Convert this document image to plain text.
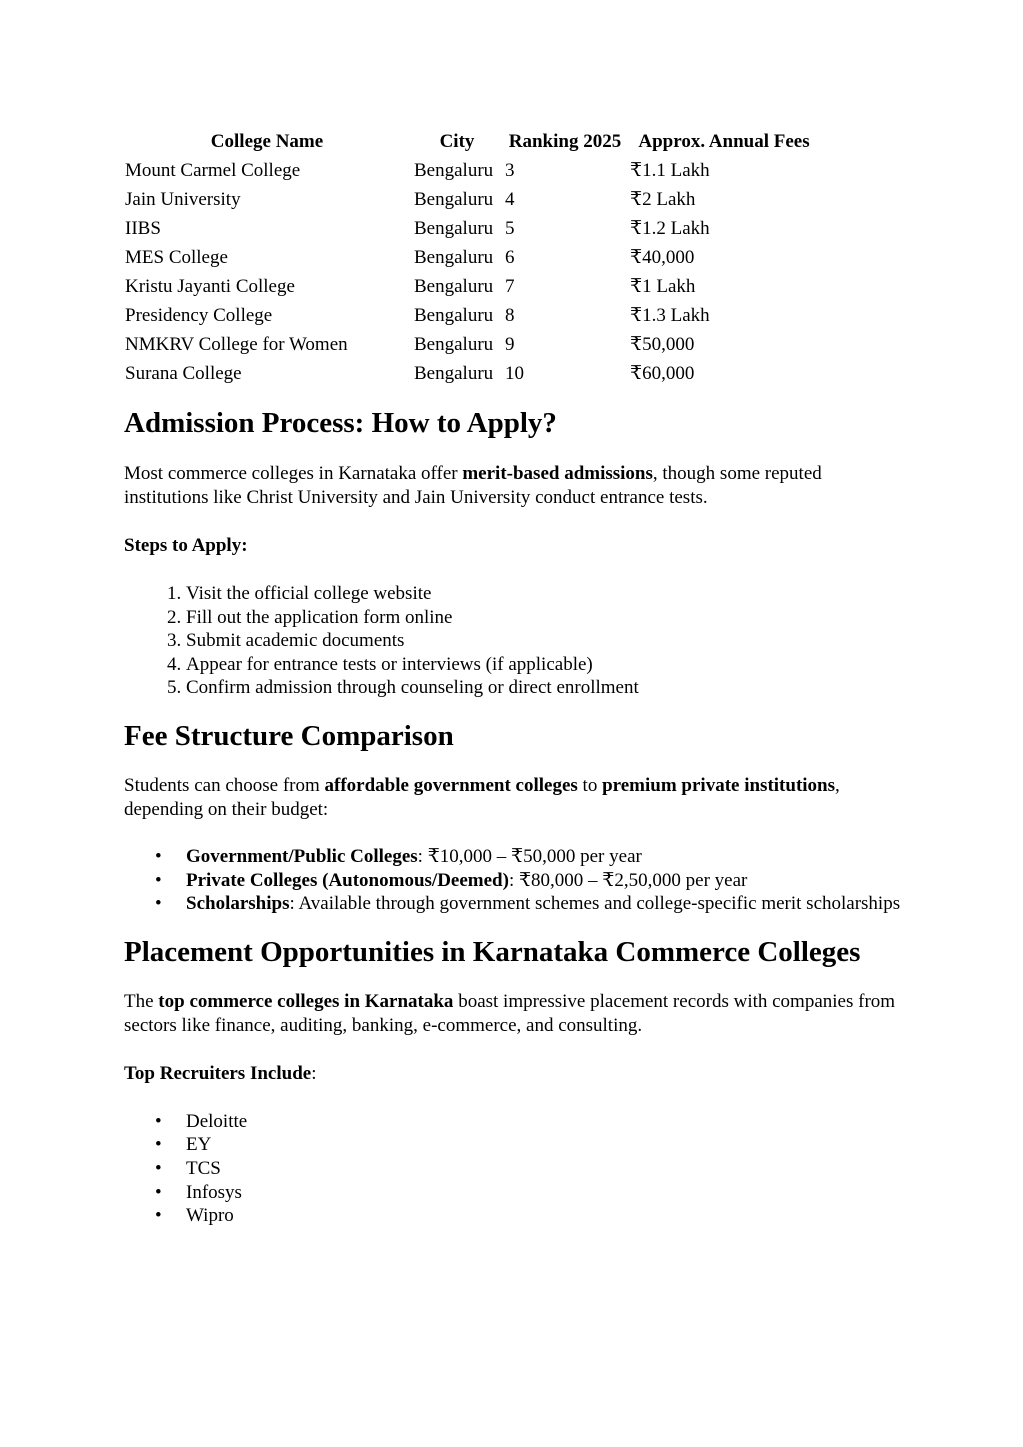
College Name	City	Ranking 2025	Approx. Annual Fees
Mount Carmel College	Bengaluru	3	₹1.1 Lakh
Jain University	Bengaluru	4	₹2 Lakh
IIBS	Bengaluru	5	₹1.2 Lakh
MES College	Bengaluru	6	₹40,000
Kristu Jayanti College	Bengaluru	7	₹1 Lakh
Presidency College	Bengaluru	8	₹1.3 Lakh
NMKRV College for Women	Bengaluru	9	₹50,000
Surana College	Bengaluru	10	₹60,000
Admission Process: How to Apply?

Most commerce colleges in Karnataka offer merit-based admissions, though some reputed institutions like Christ University and Jain University conduct entrance tests.

Steps to Apply:

1. Visit the official college website
2. Fill out the application form online
3. Submit academic documents
4. Appear for entrance tests or interviews (if applicable)
5. Confirm admission through counseling or direct enrollment
Fee Structure Comparison

Students can choose from affordable government colleges to premium private institutions, depending on their budget:

• Government/Public Colleges: ₹10,000 – ₹50,000 per year
• Private Colleges (Autonomous/Deemed): ₹80,000 – ₹2,50,000 per year
• Scholarships: Available through government schemes and college-specific merit scholarships
Placement Opportunities in Karnataka Commerce Colleges

The top commerce colleges in Karnataka boast impressive placement records with companies from sectors like finance, auditing, banking, e-commerce, and consulting.

Top Recruiters Include:

• Deloitte
• EY
• TCS
• Infosys
• Wipro
